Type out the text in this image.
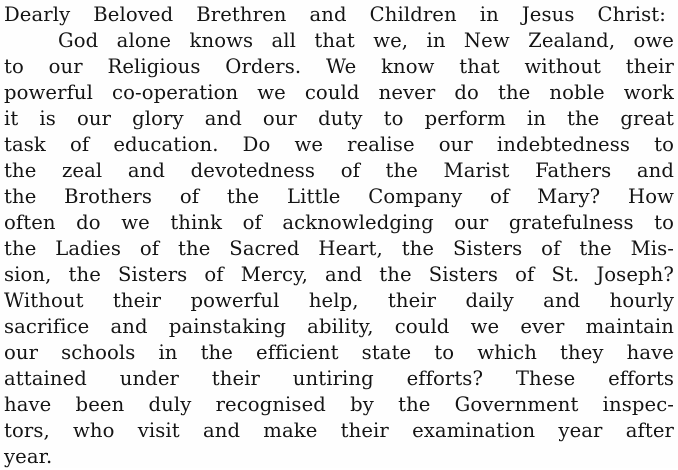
Dearly Beloved Brethren and Children in Jesus Christ:
God alone knows all that we, in New Zealand, owe
to our Religious Orders. We know that without their
powerful co-operation we could never do the noble work
it is our glory and our duty to perform in the great
task of education. Do we realise our indebtedness to
the zeal and devotedness of the Marist Fathers and
the Brothers of the Little Company of Mary? How
often do we think of acknowledging our gratefulness to
the Ladies of the Sacred Heart, the Sisters of the Mis-
sion, the Sisters of Mercy, and the Sisters of St. Joseph?
Without their powerful help, their daily and hourly
sacrifice and painstaking ability, could we ever maintain
our schools in the efficient state to which they have
attained under their untiring efforts? These efforts
have been duly recognised by the Government inspec-
tors, who visit and make their examination year after
year.
